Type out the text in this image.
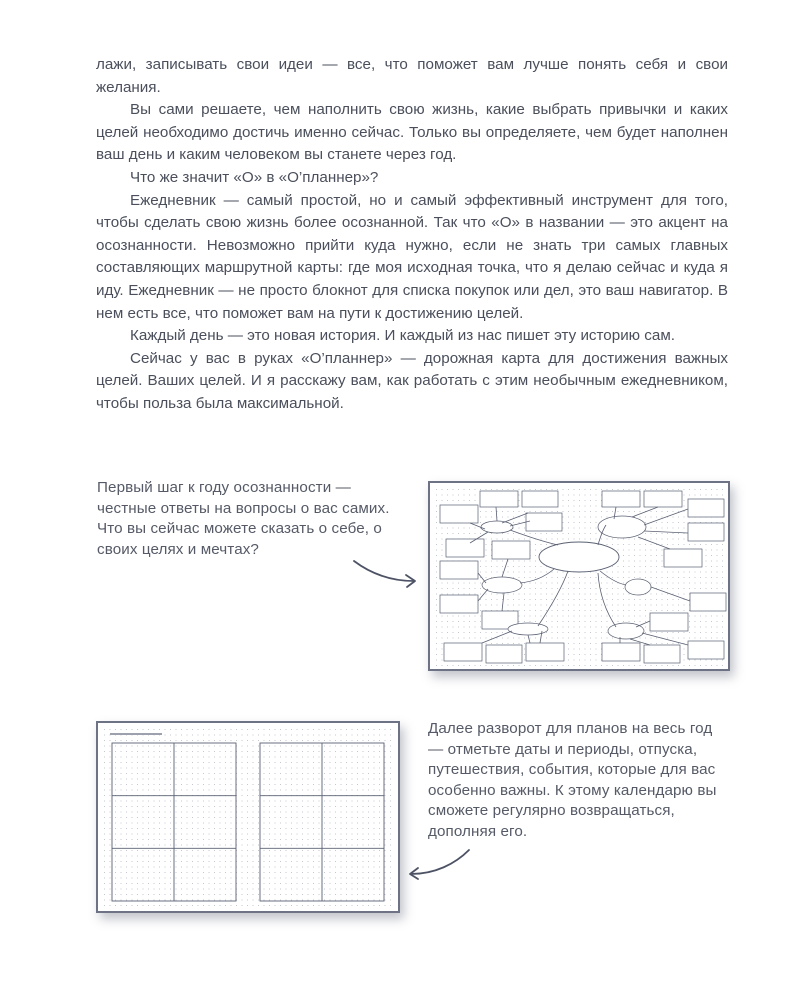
лажи, записывать свои идеи — все, что поможет вам лучше понять себя и свои желания.

Вы сами решаете, чем наполнить свою жизнь, какие выбрать привычки и каких целей необходимо достичь именно сейчас. Только вы определяете, чем будет наполнен ваш день и каким человеком вы станете через год.

Что же значит «О» в «О’планнер»?

Ежедневник — самый простой, но и самый эффективный инструмент для того, чтобы сделать свою жизнь более осознанной. Так что «О» в названии — это акцент на осознанности. Невозможно прийти куда нужно, если не знать три самых главных составляющих маршрутной карты: где моя исходная точка, что я делаю сейчас и куда я иду. Ежедневник — не просто блокнот для списка покупок или дел, это ваш навигатор. В нем есть все, что поможет вам на пути к достижению целей.

Каждый день — это новая история. И каждый из нас пишет эту историю сам.

Сейчас у вас в руках «О’планнер» — дорожная карта для достижения важных целей. Ваших целей. И я расскажу вам, как работать с этим необычным ежедневником, чтобы польза была максимальной.

Первый шаг к году осознанности — честные ответы на вопросы о вас самих. Что вы сейчас можете сказать о себе, о своих целях и мечтах?
Далее разворот для планов на весь год — отметьте даты и периоды, отпуска, путешествия, события, которые для вас особенно важны. К этому календарю вы сможете регулярно возвращаться, дополняя его.
